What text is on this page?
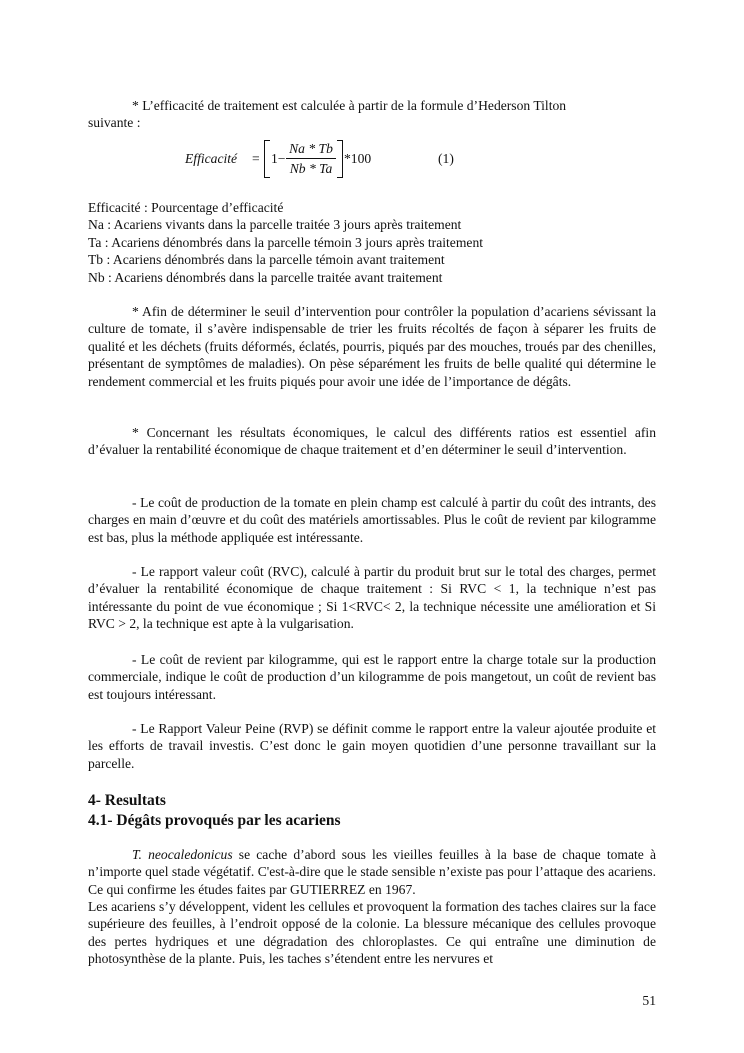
* L’efficacité de traitement est calculée à partir de la formule d’Hederson Tilton

suivante :

Efficacité = 1−
Na * Tb
Nb * Ta
*100	(1)
Efficacité : Pourcentage d’efficacité
Na : Acariens vivants dans la parcelle traitée 3 jours après traitement
Ta : Acariens dénombrés dans la parcelle témoin 3 jours après traitement
Tb : Acariens dénombrés dans la parcelle témoin avant traitement
Nb : Acariens dénombrés dans la parcelle traitée avant traitement

* Afin de déterminer le seuil d’intervention pour contrôler la population d’acariens sévissant la culture de tomate, il s’avère indispensable de trier les fruits récoltés de façon à séparer les fruits de qualité et les déchets (fruits déformés, éclatés, pourris, piqués par des mouches, troués par des chenilles, présentant de symptômes de maladies). On pèse séparément les fruits de belle qualité qui détermine le rendement commercial et les fruits piqués pour avoir une idée de l’importance de dégâts.

* Concernant les résultats économiques, le calcul des différents ratios est essentiel afin d’évaluer la rentabilité économique de chaque traitement et d’en déterminer le seuil d’intervention.

- Le coût de production de la tomate en plein champ est calculé à partir du coût des intrants, des charges en main d’œuvre et du coût des matériels amortissables. Plus le coût de revient par kilogramme est bas, plus la méthode appliquée est intéressante.

- Le rapport valeur coût (RVC), calculé à partir du produit brut sur le total des charges, permet d’évaluer la rentabilité économique de chaque traitement : Si RVC < 1, la technique n’est pas intéressante du point de vue économique ; Si 1<RVC< 2, la technique nécessite une amélioration et Si RVC > 2, la technique est apte à la vulgarisation.

- Le coût de revient par kilogramme, qui est le rapport entre la charge totale sur la production commerciale, indique le coût de production d’un kilogramme de pois mangetout, un coût de revient bas est toujours intéressant.

- Le Rapport Valeur Peine (RVP) se définit comme le rapport entre la valeur ajoutée produite et les efforts de travail investis. C’est donc le gain moyen quotidien d’une personne travaillant sur la parcelle.

4- Resultats
4.1- Dégâts provoqués par les acariens

T. neocaledonicus se cache d’abord sous les vieilles feuilles à la base de chaque tomate à n’importe quel stade végétatif. C'est-à-dire que le stade sensible n’existe pas pour l’attaque des acariens. Ce qui confirme les études faites par GUTIERREZ en 1967.

Les acariens s’y développent, vident les cellules et provoquent la formation des taches claires sur la face supérieure des feuilles, à l’endroit opposé de la colonie. La blessure mécanique des cellules provoque des pertes hydriques et une dégradation des chloroplastes. Ce qui entraîne une diminution de photosynthèse de la plante. Puis, les taches s’étendent entre les nervures et

51
